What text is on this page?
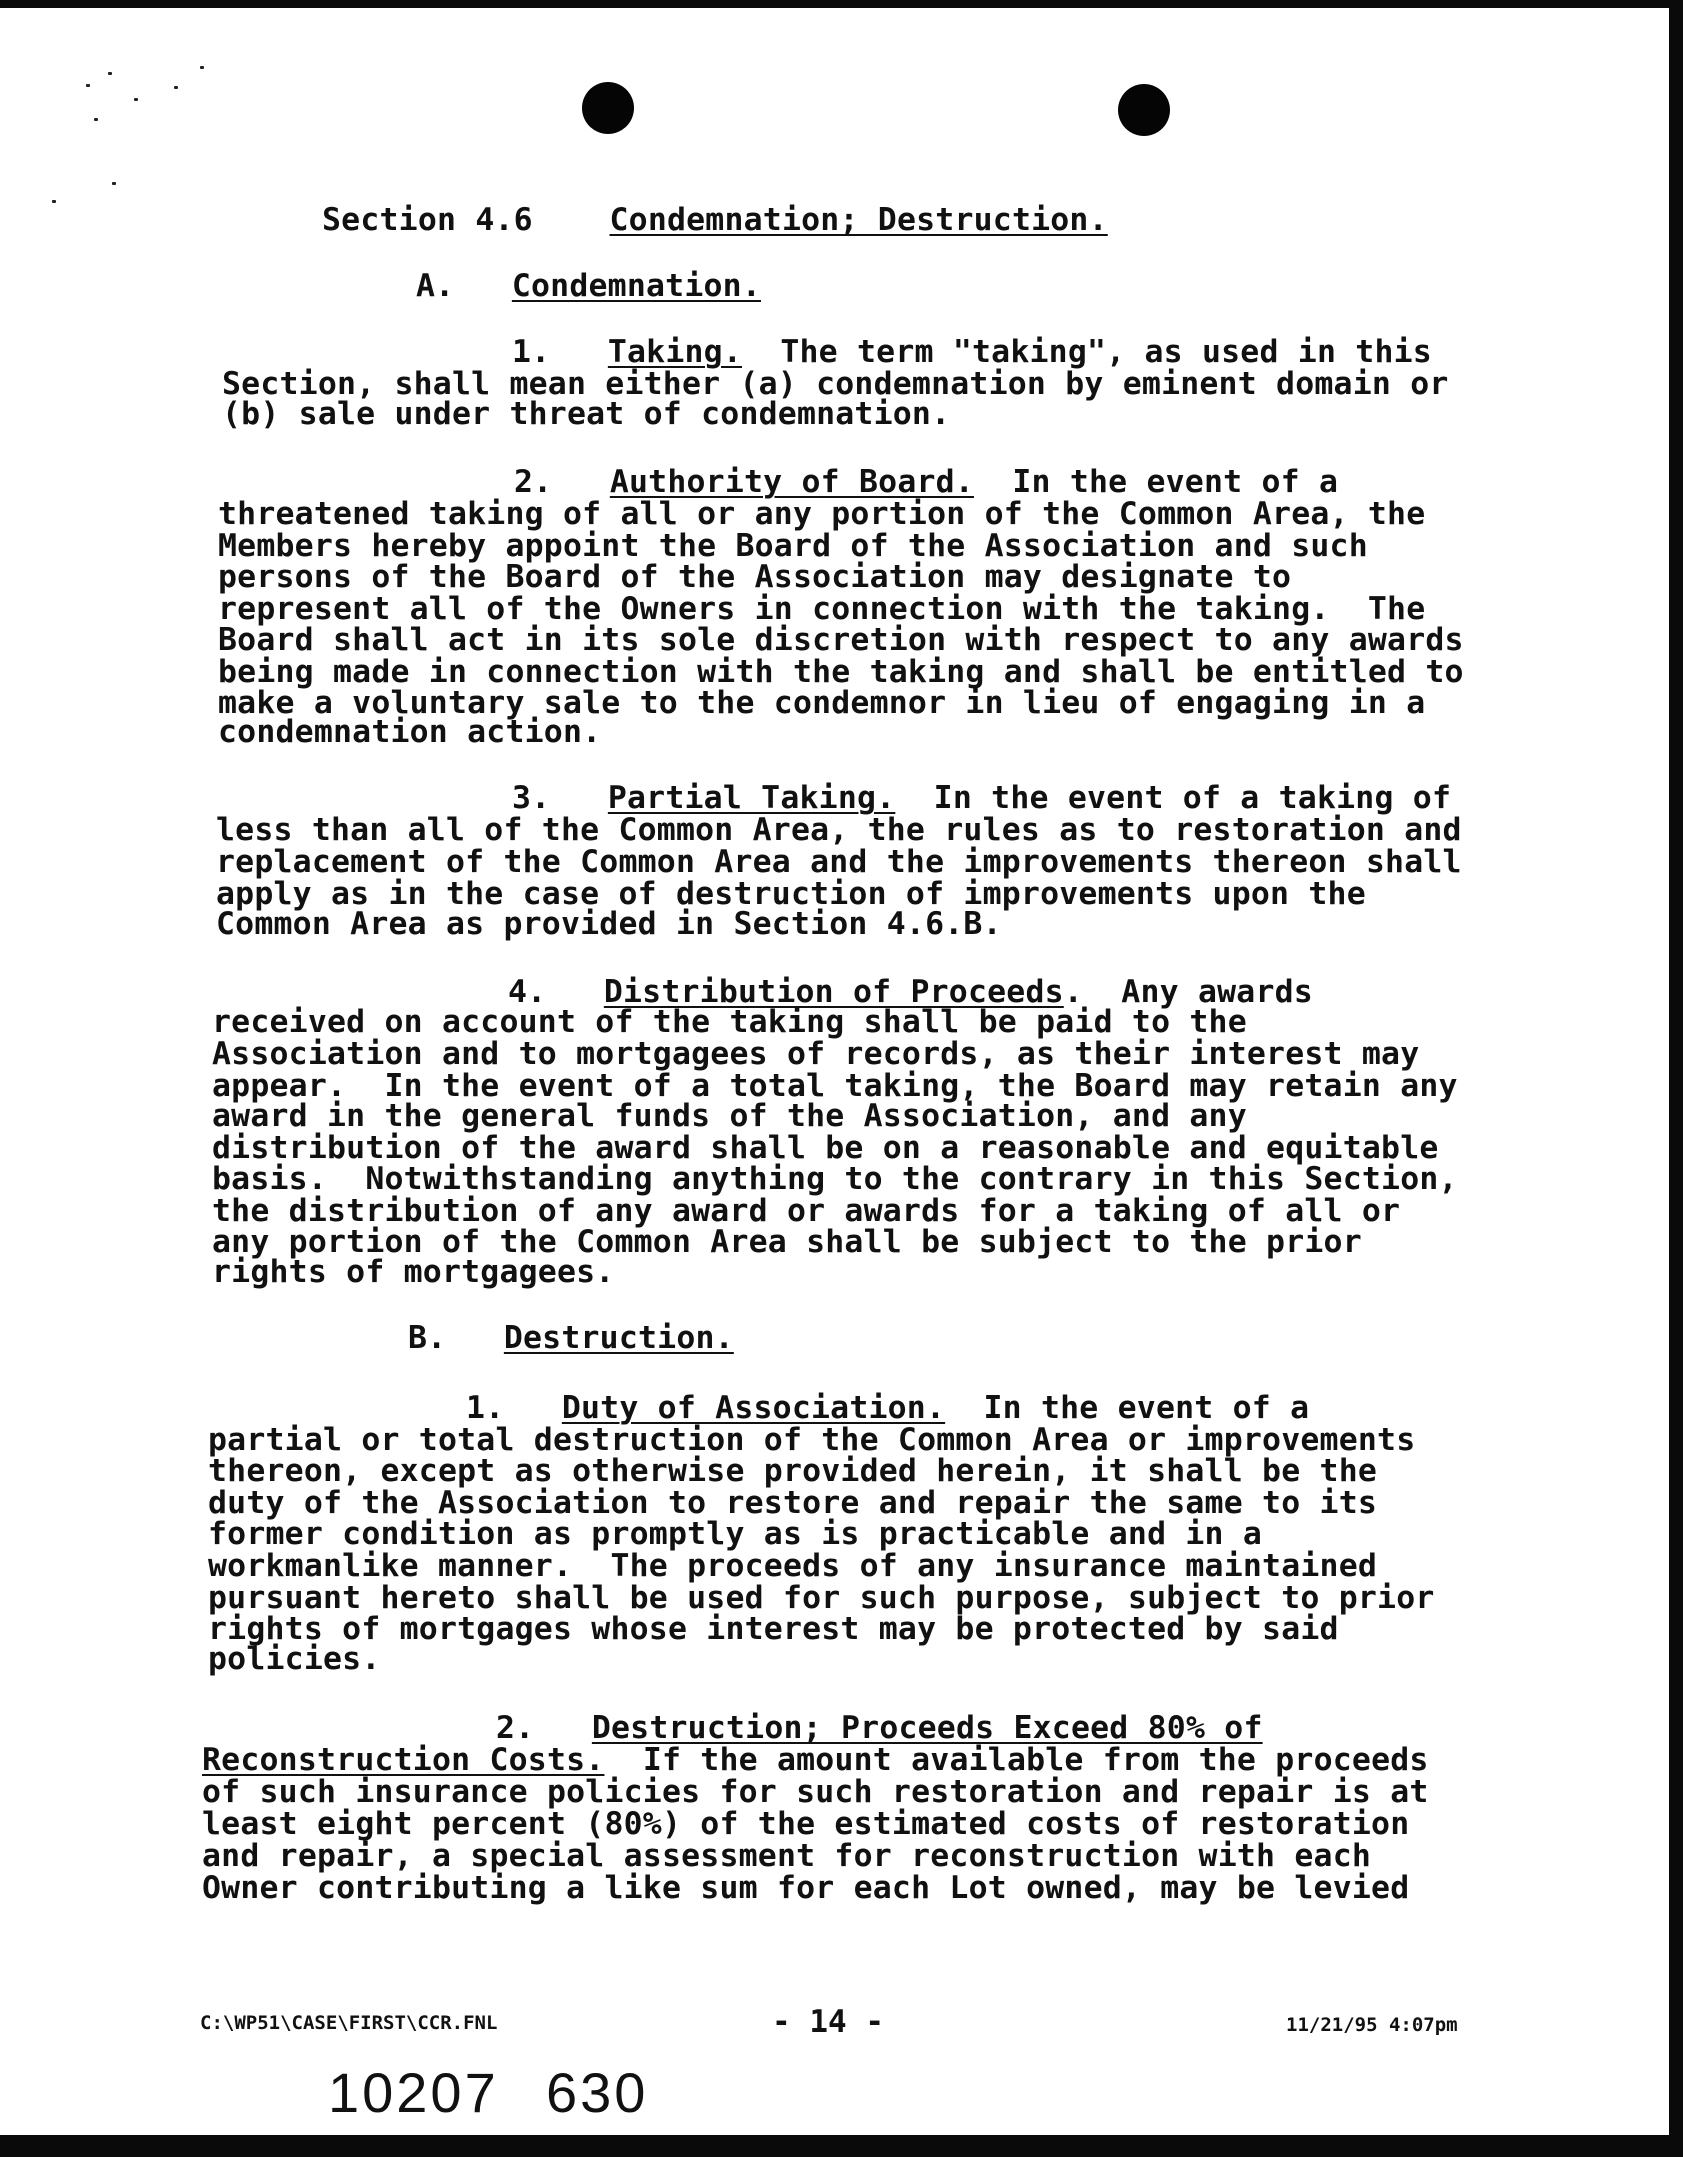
Section 4.6 Condemnation; Destruction.
A. Condemnation.
1. Taking. The term "taking", as used in this
Section, shall mean either (a) condemnation by eminent domain or
(b) sale under threat of condemnation.
2. Authority of Board. In the event of a
threatened taking of all or any portion of the Common Area, the
Members hereby appoint the Board of the Association and such
persons of the Board of the Association may designate to
represent all of the Owners in connection with the taking.  The
Board shall act in its sole discretion with respect to any awards
being made in connection with the taking and shall be entitled to
make a voluntary sale to the condemnor in lieu of engaging in a
condemnation action.
3. Partial Taking. In the event of a taking of
less than all of the Common Area, the rules as to restoration and
replacement of the Common Area and the improvements thereon shall
apply as in the case of destruction of improvements upon the
Common Area as provided in Section 4.6.B.
4. Distribution of Proceeds.  Any awards
received on account of the taking shall be paid to the
Association and to mortgagees of records, as their interest may
appear.  In the event of a total taking, the Board may retain any
award in the general funds of the Association, and any
distribution of the award shall be on a reasonable and equitable
basis.  Notwithstanding anything to the contrary in this Section,
the distribution of any award or awards for a taking of all or
any portion of the Common Area shall be subject to the prior
rights of mortgagees.
B. Destruction.
1. Duty of Association. In the event of a
partial or total destruction of the Common Area or improvements
thereon, except as otherwise provided herein, it shall be the
duty of the Association to restore and repair the same to its
former condition as promptly as is practicable and in a
workmanlike manner.  The proceeds of any insurance maintained
pursuant hereto shall be used for such purpose, subject to prior
rights of mortgages whose interest may be protected by said
policies.
2. Destruction; Proceeds Exceed 80% of
Reconstruction Costs. If the amount available from the proceeds
of such insurance policies for such restoration and repair is at
least eight percent (80%) of the estimated costs of restoration
and repair, a special assessment for reconstruction with each
Owner contributing a like sum for each Lot owned, may be levied
C:\WP51\CASE\FIRST\CCR.FNL	- 14 -	11/21/95 4:07pm
10207 630
